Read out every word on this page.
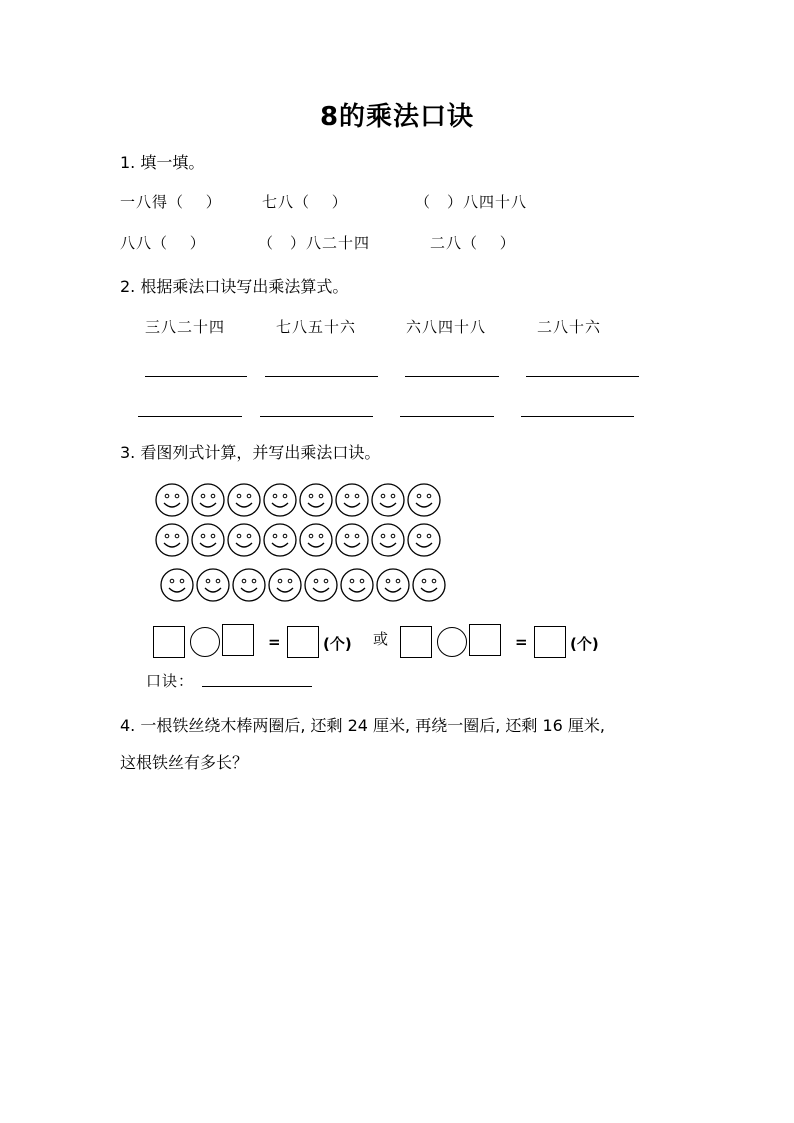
8的乘法口诀
1. 填一填。
一八得（　 ）	七八（　 ）	（　）八四十八
八八（　 ）	（　）八二十四	二八（　 ）
2. 根据乘法口诀写出乘法算式。
三八二十四	七八五十六	六八四十八	二八十六
3. 看图列式计算，并写出乘法口诀。
=	(个) 或	=	(个)
口诀：
4. 一根铁丝绕木棒两圈后, 还剩 24 厘米, 再绕一圈后, 还剩 16 厘米,
这根铁丝有多长？
